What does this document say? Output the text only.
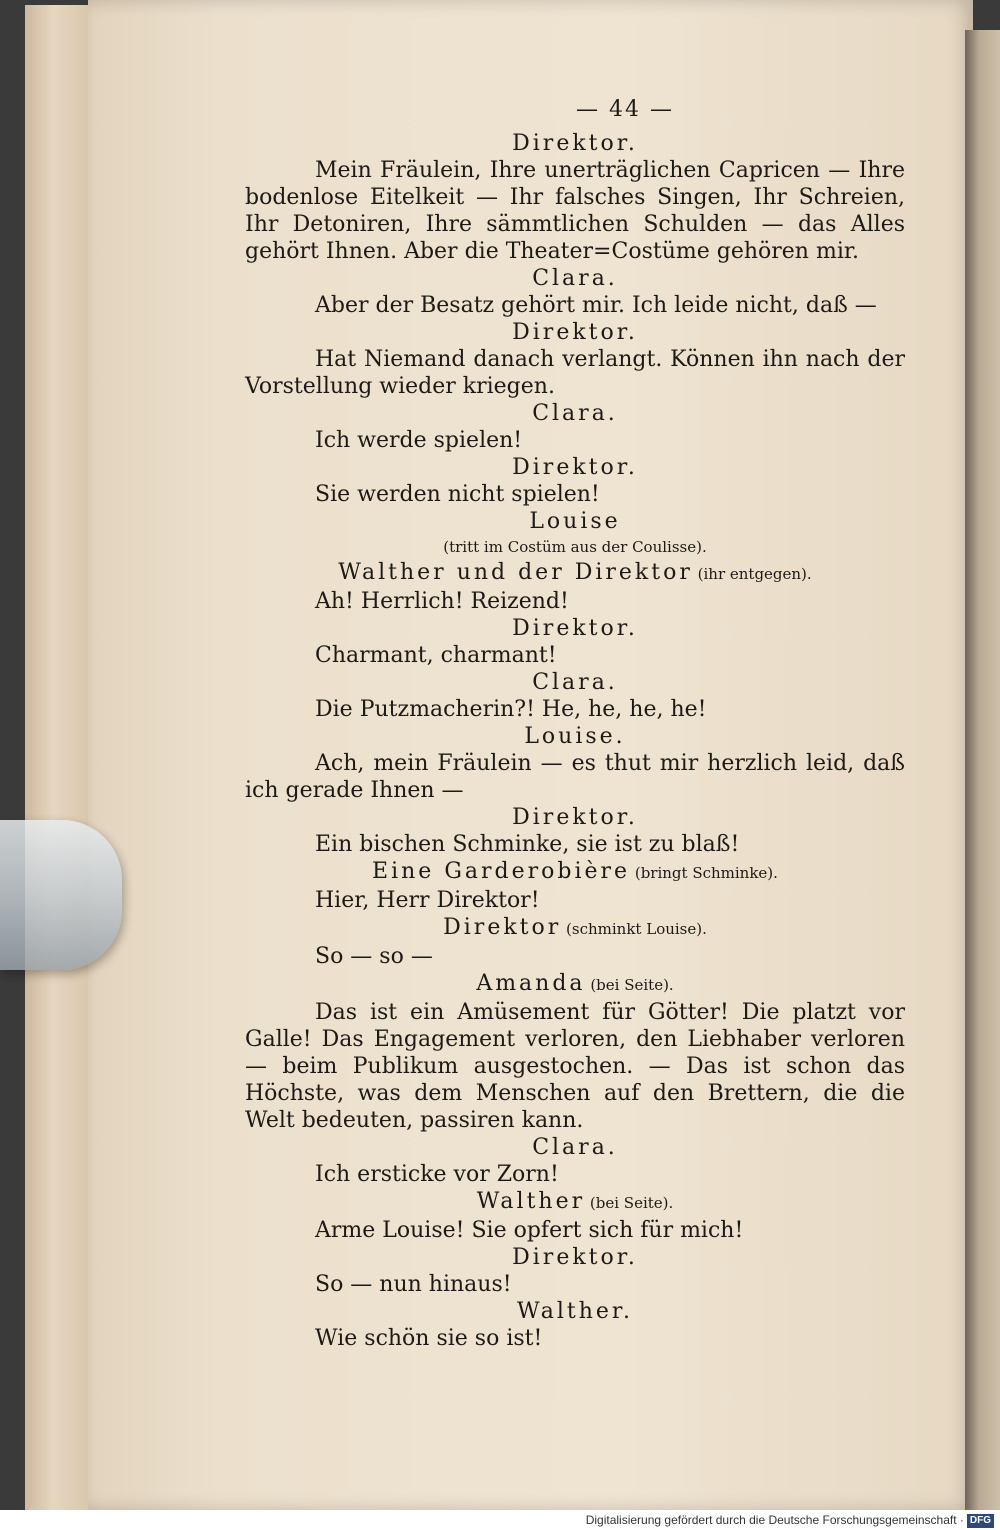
— 44 —

Direktor.

Mein Fräulein, Ihre unerträglichen Capricen — Ihre bodenlose Eitelkeit — Ihr falsches Singen, Ihr Schreien, Ihr Detoniren, Ihre sämmtlichen Schulden — das Alles gehört Ihnen. Aber die Theater=Costüme gehören mir.

Clara.

Aber der Besatz gehört mir. Ich leide nicht, daß —

Direktor.

Hat Niemand danach verlangt. Können ihn nach der Vorstellung wieder kriegen.

Clara.

Ich werde spielen!

Direktor.

Sie werden nicht spielen!

Louise

(tritt im Costüm aus der Coulisse).

Walther und der Direktor (ihr entgegen).

Ah! Herrlich! Reizend!

Direktor.

Charmant, charmant!

Clara.

Die Putzmacherin?! He, he, he, he!

Louise.

Ach, mein Fräulein — es thut mir herzlich leid, daß ich gerade Ihnen —

Direktor.

Ein bischen Schminke, sie ist zu blaß!

Eine Garderobière (bringt Schminke).

Hier, Herr Direktor!

Direktor (schminkt Louise).

So — so —

Amanda (bei Seite).

Das ist ein Amüsement für Götter! Die platzt vor Galle! Das Engagement verloren, den Liebhaber verloren — beim Publikum ausgestochen. — Das ist schon das Höchste, was dem Menschen auf den Brettern, die die Welt bedeuten, passiren kann.

Clara.

Ich ersticke vor Zorn!

Walther (bei Seite).

Arme Louise! Sie opfert sich für mich!

Direktor.

So — nun hinaus!

Walther.

Wie schön sie so ist!

Digitalisierung gefördert durch die Deutsche Forschungsgemeinschaft · DFG
